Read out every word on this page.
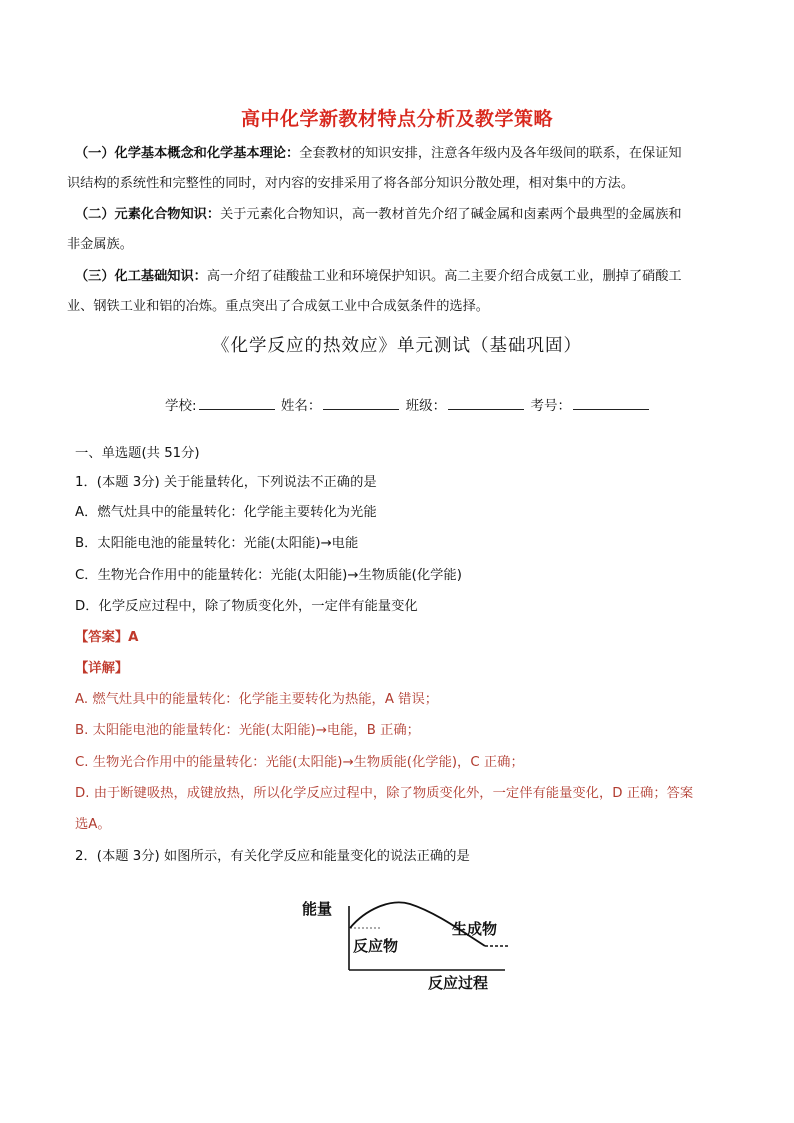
高中化学新教材特点分析及教学策略
（一）化学基本概念和化学基本理论：全套教材的知识安排，注意各年级内及各年级间的联系，在保证知
识结构的系统性和完整性的同时，对内容的安排采用了将各部分知识分散处理，相对集中的方法。
（二）元素化合物知识：关于元素化合物知识，高一教材首先介绍了碱金属和卤素两个最典型的金属族和
非金属族。
（三）化工基础知识：高一介绍了硅酸盐工业和环境保护知识。高二主要介绍合成氨工业，删掉了硝酸工
业、钢铁工业和铝的冶炼。重点突出了合成氨工业中合成氨条件的选择。
《化学反应的热效应》单元测试（基础巩固）
学校:	姓名：	班级：	考号：
一、单选题(共 51分)
1．(本题 3分) 关于能量转化，下列说法不正确的是
A．燃气灶具中的能量转化：化学能主要转化为光能
B．太阳能电池的能量转化：光能(太阳能)→电能
C．生物光合作用中的能量转化：光能(太阳能)→生物质能(化学能)
D．化学反应过程中，除了物质变化外，一定伴有能量变化
【答案】A
【详解】
A. 燃气灶具中的能量转化：化学能主要转化为热能，A 错误；
B. 太阳能电池的能量转化：光能(太阳能)→电能，B 正确；
C. 生物光合作用中的能量转化：光能(太阳能)→生物质能(化学能)，C 正确；
D. 由于断键吸热，成键放热，所以化学反应过程中，除了物质变化外，一定伴有能量变化，D 正确；答案
选A。
2．(本题 3分) 如图所示，有关化学反应和能量变化的说法正确的是
能量
反应物
生成物
反应过程
